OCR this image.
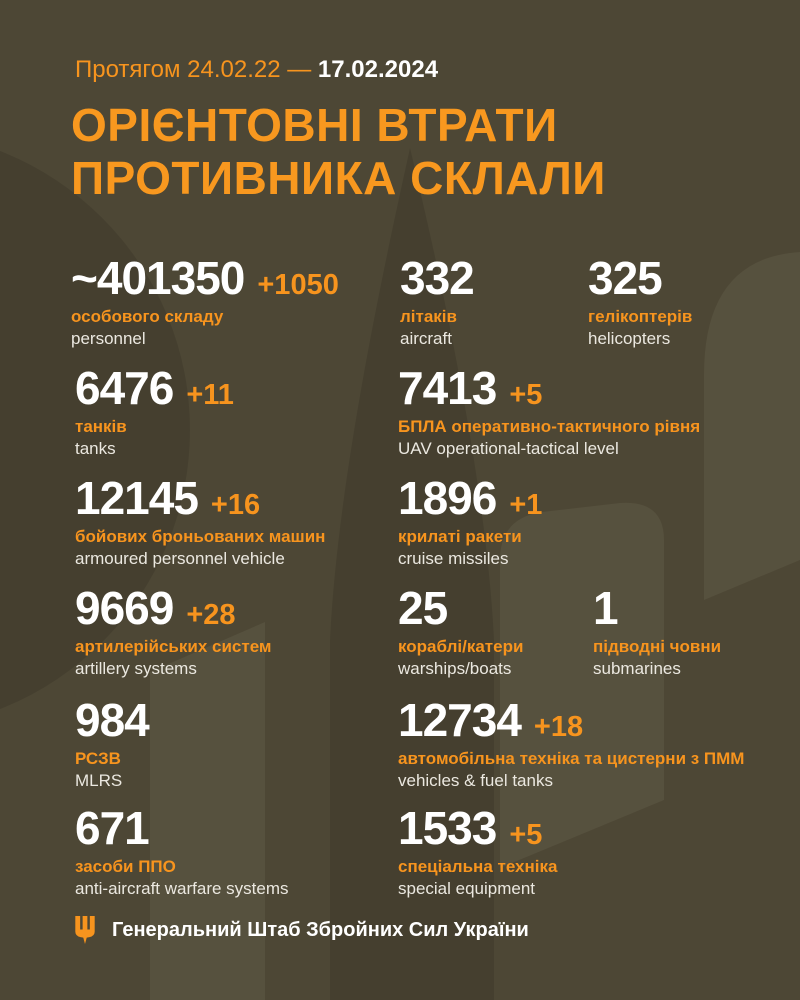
Протягом 24.02.22 — 17.02.2024
ОРІЄНТОВНІ ВТРАТИ
ПРОТИВНИКА СКЛАЛИ
~401350 +1050
особового складу
personnel
332
літаків
aircraft
325
гелікоптерів
helicopters
6476 +11
танків
tanks
7413 +5
БПЛА оперативно-тактичного рівня
UAV operational-tactical level
12145 +16
бойових броньованих машин
armoured personnel vehicle
1896 +1
крилаті ракети
cruise missiles
9669 +28
артилерійських систем
artillery systems
25
кораблі/катери
warships/boats
1
підводні човни
submarines
984
РСЗВ
MLRS
12734 +18
автомобільна техніка та цистерни з ПММ
vehicles & fuel tanks
671
засоби ППО
anti-aircraft warfare systems
1533 +5
спеціальна техніка
special equipment
Генеральний Штаб Збройних Сил України
